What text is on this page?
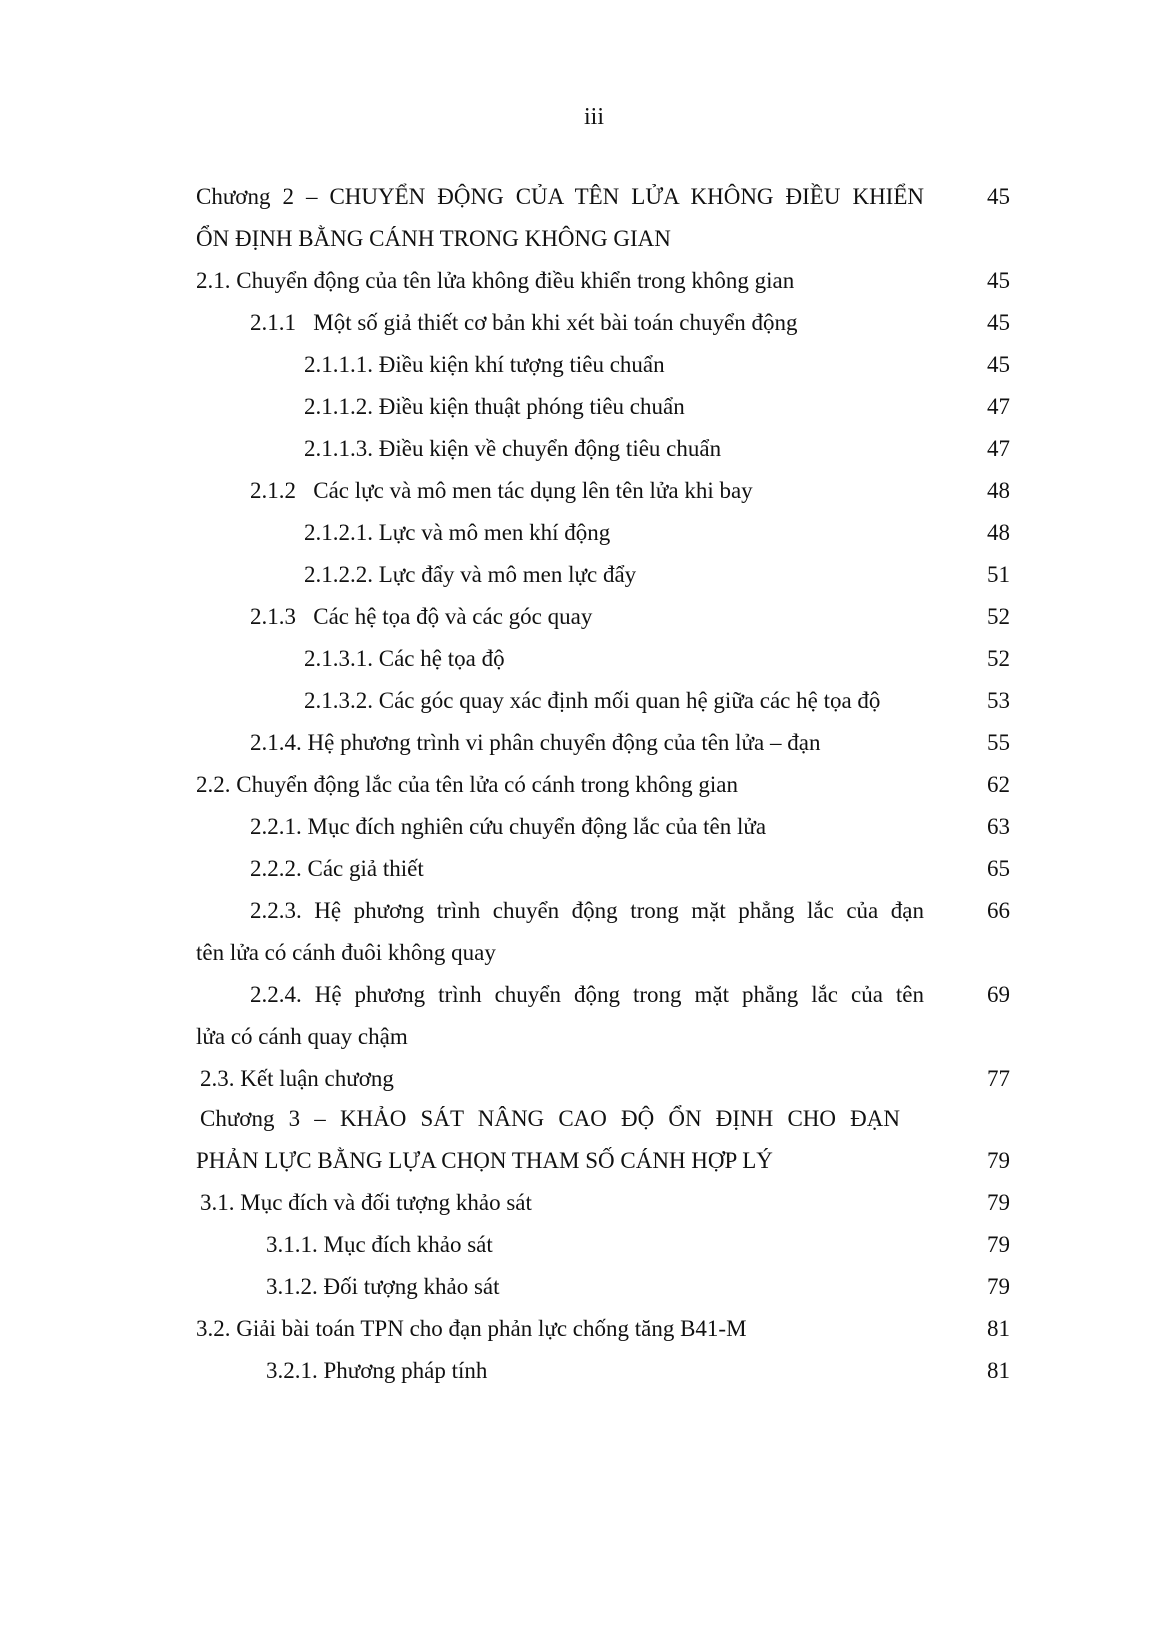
iii
Chương 2 – CHUYỂN ĐỘNG CỦA TÊN LỬA KHÔNG ĐIỀU KHIỂN	45
ỔN ĐỊNH BẰNG CÁNH TRONG KHÔNG GIAN
2.1. Chuyển động của tên lửa không điều khiển trong không gian	45
2.1.1   Một số giả thiết cơ bản khi xét bài toán chuyển động	45
2.1.1.1. Điều kiện khí tượng tiêu chuẩn	45
2.1.1.2. Điều kiện thuật phóng tiêu chuẩn	47
2.1.1.3. Điều kiện về chuyển động tiêu chuẩn	47
2.1.2   Các lực và mô men tác dụng lên tên lửa khi bay	48
2.1.2.1. Lực và mô men khí động	48
2.1.2.2. Lực đẩy và mô men lực đẩy	51
2.1.3   Các hệ tọa độ và các góc quay	52
2.1.3.1. Các hệ tọa độ	52
2.1.3.2. Các góc quay xác định mối quan hệ giữa các hệ tọa độ	53
2.1.4. Hệ phương trình vi phân chuyển động của tên lửa – đạn	55
2.2. Chuyển động lắc của tên lửa có cánh trong không gian	62
2.2.1. Mục đích nghiên cứu chuyển động lắc của tên lửa	63
2.2.2. Các giả thiết	65
2.2.3. Hệ phương trình chuyển động trong mặt phẳng lắc của đạn	66
tên lửa có cánh đuôi không quay
2.2.4. Hệ phương trình chuyển động trong mặt phẳng lắc của tên	69
lửa có cánh quay chậm
2.3. Kết luận chương	77
Chương 3 – KHẢO SÁT NÂNG CAO ĐỘ ỔN ĐỊNH CHO ĐẠN
PHẢN LỰC BẰNG LỰA CHỌN THAM SỐ CÁNH HỢP LÝ	79
3.1. Mục đích và đối tượng khảo sát	79
3.1.1. Mục đích khảo sát	79
3.1.2. Đối tượng khảo sát	79
3.2. Giải bài toán TPN cho đạn phản lực chống tăng B41-M	81
3.2.1. Phương pháp tính	81
